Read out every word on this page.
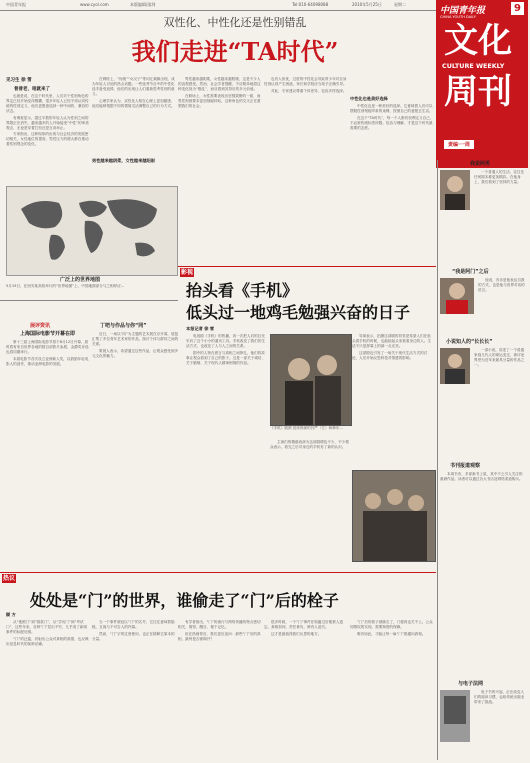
中国青年报	www.cyol.com	本版编辑/邵剑	Tel:010-64098088	2010年5月25日	星期二
中国青年报	9
CHINA YOUTH DAILY
文化
CULTURE WEEKLY
周刊
责编·一周
双性化、中性化还是性别错乱
我们走进“TA时代”
见习生 徐 雪
普普老，咱就来了

也就是说，在这个时代里，人们对于性别角色的界定已经开始变得模糊，很多年轻人已经不再认同传统的性别定义，他们更愿意选择一种中间的、兼容的状态。

有调查显示，超过半数的年轻人认为性别之间的界限正在消失，越来越多的人开始接受“中性”的审美观点，无论是穿着打扮还是言谈举止。

专家指出，这种现象的出现与社会经济的发展密切相关，女性地位的提高、男性压力的增大都在推动着性别观念的变化。

在网络上，“伪娘”“女汉子”等词汇频频出现，成为年轻人讨论的热点话题。一些选秀节目中的中性化选手备受追捧，他们的出现让人们重新思考性别的意义。

心理学家认为，双性化人格在心理上更加健康，他们能够根据不同的情境灵活调整自己的行为方式。

男性越来越阴柔，女性越来越阳刚

男性越来越阴柔，女性越来越阳刚，这是不少人的直观感受。然而，社会学者提醒，不应简单地将这种变化视为“错乱”，而应看到其背后的多元价值。

在职场上，女性需要表现出坚强果断的一面，而男性则被要求更加细腻体贴，这种角色的交叉正在重塑我们的社会。

也有人担忧，过度的中性化会导致青少年对自身性别认同产生困惑，家长和学校应当给予正确引导。

对此，专家建议尊重个体差异，包容多样选择。

中性化也是美好选择

中性化也是一种美好的选择。它意味着人们可以摆脱性别刻板印象的束缚，按照自己的意愿去生活。

在这个“TA时代”，每一个人都有权利定义自己，不必被传统标签所限。包容与理解，才是这个时代最需要的态度。

广泛上的世界地图
5月19日，在西安某高校举行的“世界地图”上，中国地图部分与之相呼应…
影视
抬头看《手机》
低头过一地鸡毛勉强兴奋的日子
本报记者 徐 雪

电视剧《手机》的热播，再一次把人们的目光引向了这个小小的通讯工具。手机改变了我们的生活方式，也改变了人与人之间的关系。

剧中的人物在谎言与真相之间挣扎，他们的故事让观众看到了自己的影子。这是一部关于诚信、关于婚姻、关于现代人精神困境的作品。

主演们的精湛表演为这部剧增色不少，不少观众表示，看完之后对身边的手机有了新的认识。

《手机》剧照 范伟饰演的吕严（左）和韩东…

导演表示，拍摄这部剧的初衷是希望人们在低头看手机的时候，也能抬起头来看看身边的人。生活不只是屏幕上的那一点光亮。

这部剧也引发了一场关于现代生活方式的讨论，人们开始反思科技对情感的影响。

展评资讯
上海国际电影节开幕在即

第十三届上海国际电影节将于6月12日开幕，届时将有来自世界各地的数百部影片参展，金爵奖评选也将同期举行。

本届电影节首次设立亚洲新人奖，以鼓励年轻电影人的创作，推动亚洲电影的发展。

丁吧与作品与你“同”

近日，一场以“同”为主题的艺术展在京开幕，展览汇集了多位青年艺术家的作品，探讨个体与群体之间的关系。

策展人表示，希望通过这些作品，让观众感受到多元文化的魅力。

热议
处处是“门”的世界，谁偷走了“门”后的栓子
顾 方

从“艳照门”到“捐款门”，从“学历门”到“考试门”，这些年来，各种“门”层出不穷，几乎成了新闻事件的标配后缀。

“门”的泛滥，折射出公众对真相的渴望，也反映出信息时代的某种浮躁。

当一个事件被冠以“门”的名号，它往往意味着隐秘、丑闻与不可告人的内幕。

然而，“门”字的过度使用，也正在稀释它原本的分量。

有学者指出，“门”的流行与网络传播的特点密切相关，简短、醒目、便于记忆。

但在热闹背后，我们更应追问：那些“门”后的真相，最终是否被揭开？

很多时候，一个“门”事件在喧嚣过后便被人遗忘，真相如何，责任谁负，鲜有人追究。

这才是最值得我们反思的地方。

“门”后的栓子被偷走了，门便再也关不上。公众知情权的实现，需要制度的保障。

唯有如此，才能让每一扇“门”都通向真相。

观察	我说阿男

一个普通人的生活，往往比任何剧本都更加精彩。在他身上，我们看到了坚持的力量。

“我是阿门”之后

他说，音乐是他表达自我的方式，也是他与世界对话的语言。

小说知人的“长长长”

一部小说，讲述了一个普通家庭几代人的命运变迁，被评论界誉为近年来最具分量的作品之一。

书刊报道观察

本周书市，多部新书上架，其中不乏引人关注的重磅作品。读者可以通过各大书店及网络渠道购买。

与电子法网

电子书的兴起，正在改变人们的阅读习惯，也给传统出版业带来了挑战。
